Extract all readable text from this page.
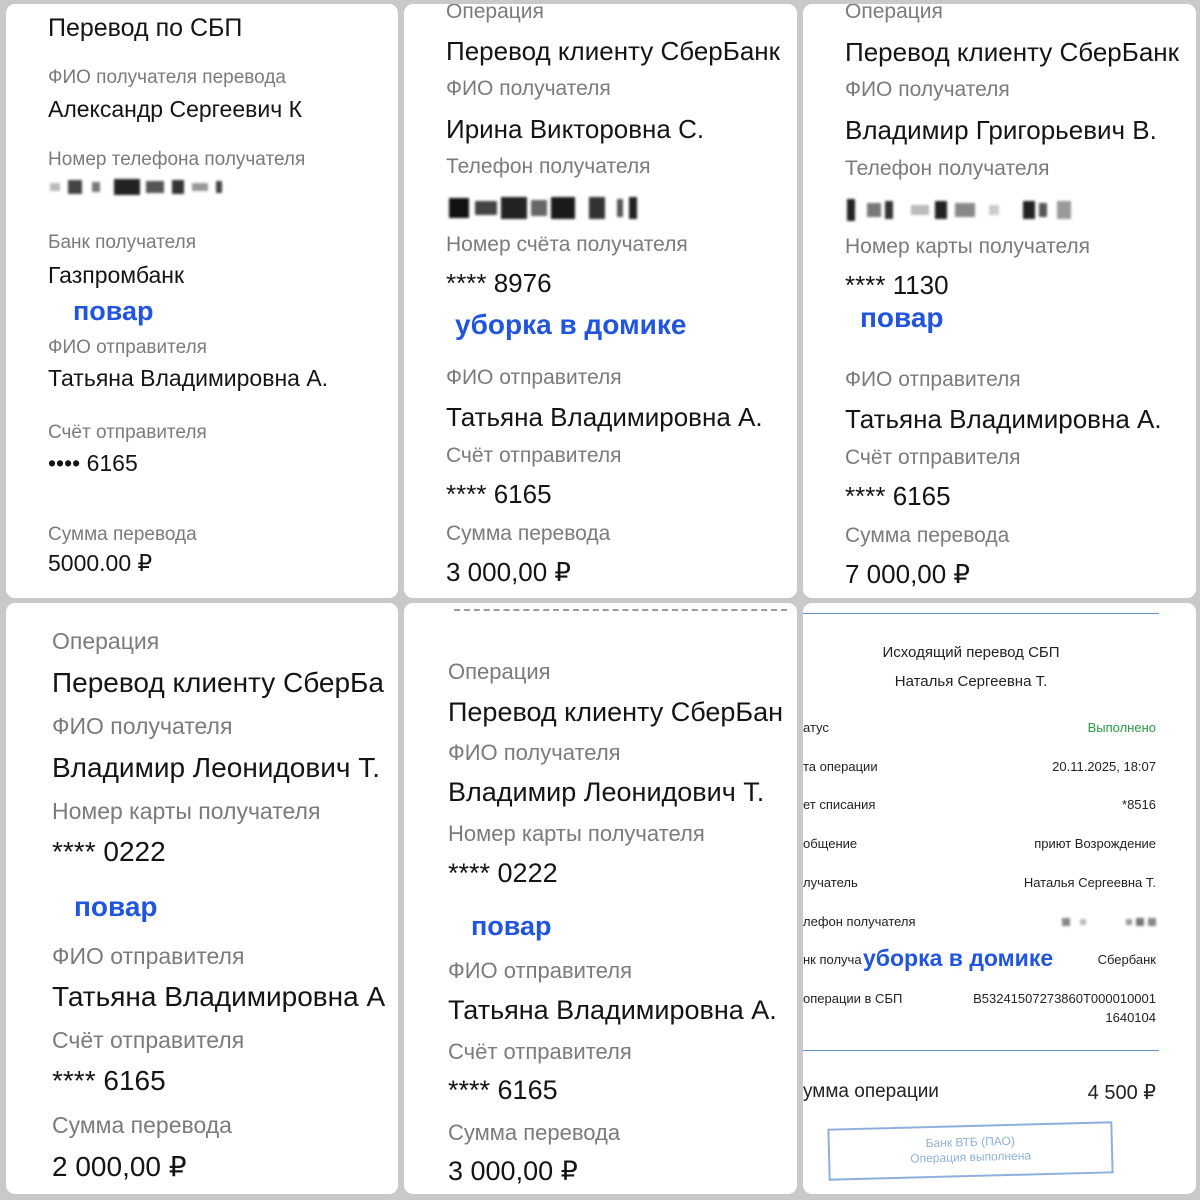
Перевод по СБП
ФИО получателя перевода
Александр Сергеевич К
Номер телефона получателя
Банк получателя
Газпромбанк
повар
ФИО отправителя
Татьяна Владимировна А.
Счёт отправителя
•••• 6165
Сумма перевода
5000.00 ₽
Операция
Перевод клиенту СберБанк
ФИО получателя
Ирина Викторовна С.
Телефон получателя
Номер счёта получателя
**** 8976
уборка в домике
ФИО отправителя
Татьяна Владимировна А.
Счёт отправителя
**** 6165
Сумма перевода
3 000,00 ₽
Операция
Перевод клиенту СберБанк
ФИО получателя
Владимир Григорьевич В.
Телефон получателя
Номер карты получателя
**** 1130
повар
ФИО отправителя
Татьяна Владимировна А.
Счёт отправителя
**** 6165
Сумма перевода
7 000,00 ₽
Операция
Перевод клиенту СберБа
ФИО получателя
Владимир Леонидович Т.
Номер карты получателя
**** 0222
повар
ФИО отправителя
Татьяна Владимировна А
Счёт отправителя
**** 6165
Сумма перевода
2 000,00 ₽
Операция
Перевод клиенту СберБан
ФИО получателя
Владимир Леонидович Т.
Номер карты получателя
**** 0222
повар
ФИО отправителя
Татьяна Владимировна А.
Счёт отправителя
**** 6165
Сумма перевода
3 000,00 ₽
Исходящий перевод СБП
Наталья Сергеевна Т.
атус	Выполнено
та операции	20.11.2025, 18:07
ет списания	*8516
общение	приют Возрождение
лучатель	Наталья Сергеевна Т.
лефон получателя
нк получа	Сбербанк
уборка в домике
операции в СБП	B53241507273860T000010001
1640104
умма операции	4 500 ₽
Банк ВТБ (ПАО)
Операция выполнена
